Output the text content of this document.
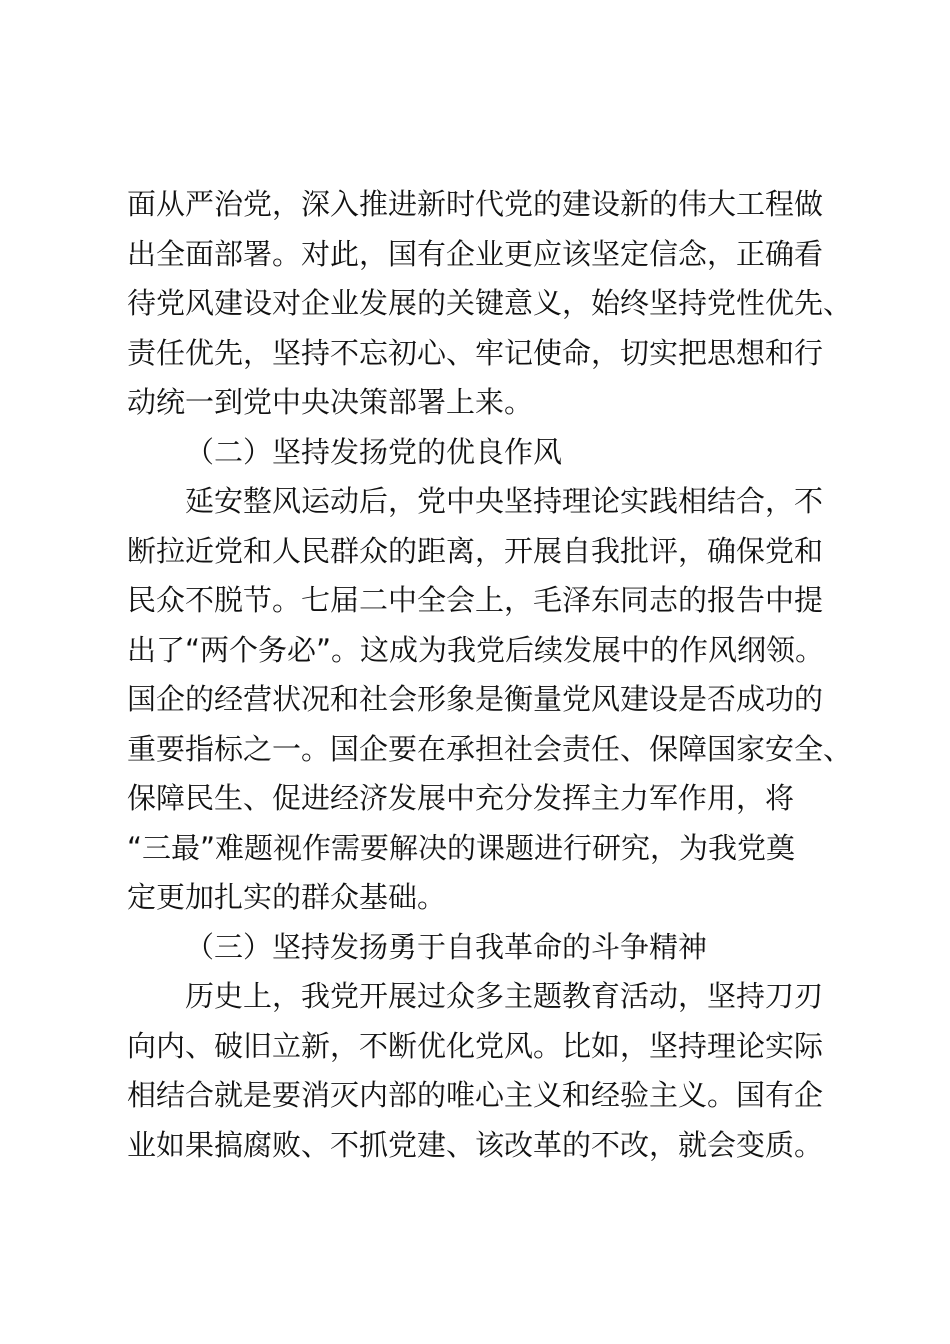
面从严治党，深入推进新时代党的建设新的伟大工程做
出全面部署。对此，国有企业更应该坚定信念，正确看
待党风建设对企业发展的关键意义，始终坚持党性优先、
责任优先，坚持不忘初心、牢记使命，切实把思想和行
动统一到党中央决策部署上来。
（二）坚持发扬党的优良作风
延安整风运动后，党中央坚持理论实践相结合，不
断拉近党和人民群众的距离，开展自我批评，确保党和
民众不脱节。七届二中全会上，毛泽东同志的报告中提
出了“两个务必”。这成为我党后续发展中的作风纲领。
国企的经营状况和社会形象是衡量党风建设是否成功的
重要指标之一。国企要在承担社会责任、保障国家安全、
保障民生、促进经济发展中充分发挥主力军作用，将
“三最”难题视作需要解决的课题进行研究，为我党奠
定更加扎实的群众基础。
（三）坚持发扬勇于自我革命的斗争精神
历史上，我党开展过众多主题教育活动，坚持刀刃
向内、破旧立新，不断优化党风。比如，坚持理论实际
相结合就是要消灭内部的唯心主义和经验主义。国有企
业如果搞腐败、不抓党建、该改革的不改，就会变质。
